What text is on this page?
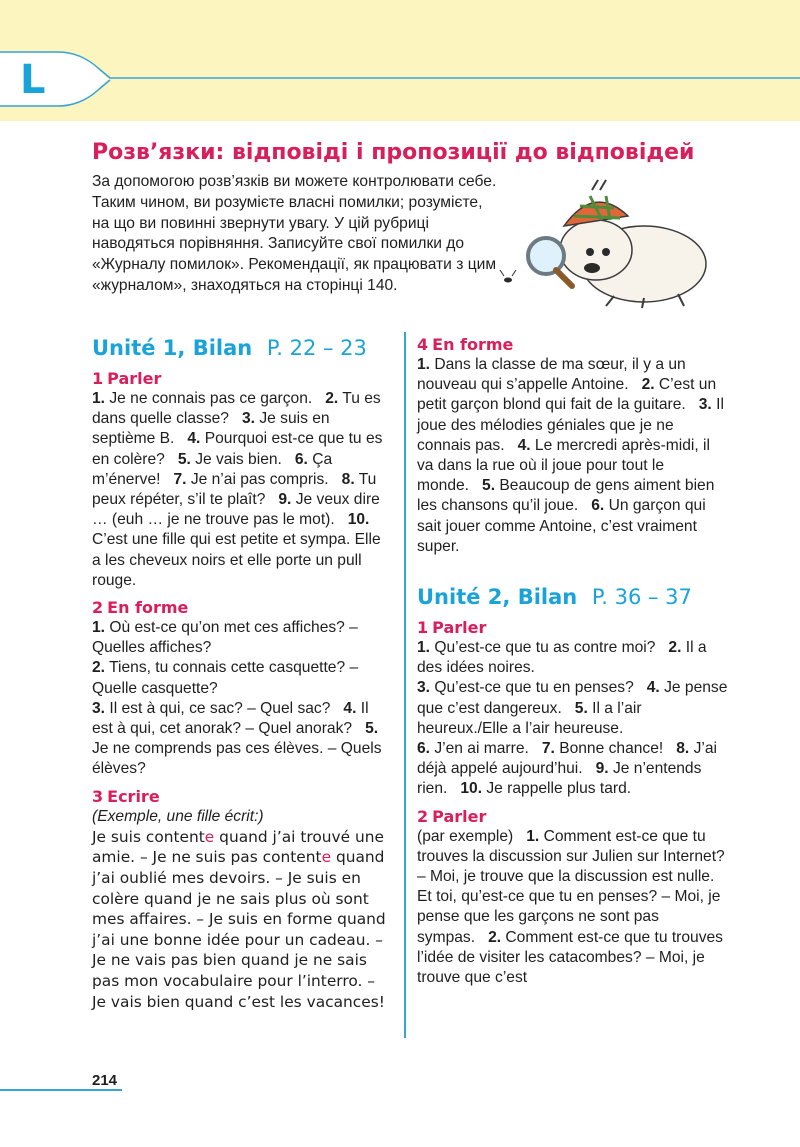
L
Розв’язки: відповіді і пропозиції до відповідей

За допомогою розв’язків ви можете контролювати себе. Таким чином, ви розумієте власні помилки; розумієте, на що ви повинні звернути увагу. У цій рубриці наводяться порівняння. Записуйте свої помилки до «Журналу помилок». Рекомендації, як працювати з цим «журналом», знаходяться на сторінці 140.

Unité 1, Bilan P. 22 – 23
1 Parler

1. Je ne connais pas ce garçon. 2. Tu es dans quelle classe? 3. Je suis en septième B. 4. Pourquoi est-ce que tu es en colère? 5. Je vais bien. 6. Ça m’énerve! 7. Je n’ai pas compris. 8. Tu peux répéter, s’il te plaît? 9. Je veux dire … (euh … je ne trouve pas le mot). 10. C’est une fille qui est petite et sympa. Elle a les cheveux noirs et elle porte un pull rouge.

2 En forme

1. Où est-ce qu’on met ces affiches? – Quelles affiches?
2. Tiens, tu connais cette casquette? – Quelle casquette?
3. Il est à qui, ce sac? – Quel sac? 4. Il est à qui, cet anorak? – Quel anorak? 5. Je ne comprends pas ces élèves. – Quels élèves?

3 Ecrire

(Exemple, une fille écrit:)

Je suis contente quand j’ai trouvé une amie. – Je ne suis pas contente quand j’ai oublié mes devoirs. – Je suis en colère quand je ne sais plus où sont mes affaires. – Je suis en forme quand j’ai une bonne idée pour un cadeau. – Je ne vais pas bien quand je ne sais pas mon vocabulaire pour l’interro. – Je vais bien quand c’est les vacances!

4 En forme

1. Dans la classe de ma sœur, il y a un nouveau qui s’appelle Antoine. 2. C’est un petit garçon blond qui fait de la guitare. 3. Il joue des mélodies géniales que je ne connais pas. 4. Le mercredi après-midi, il va dans la rue où il joue pour tout le monde. 5. Beaucoup de gens aiment bien les chansons qu’il joue. 6. Un garçon qui sait jouer comme Antoine, c’est vraiment super.

Unité 2, Bilan P. 36 – 37
1 Parler

1. Qu’est-ce que tu as contre moi? 2. Il a des idées noires.
3. Qu’est-ce que tu en penses? 4. Je pense que c’est dangereux. 5. Il a l’air heureux./Elle a l’air heureuse.
6. J’en ai marre. 7. Bonne chance! 8. J’ai déjà appelé aujourd’hui. 9. Je n’entends rien. 10. Je rappelle plus tard.

2 Parler

(par exemple) 1. Comment est-ce que tu trouves la discussion sur Julien sur Internet? – Moi, je trouve que la discussion est nulle. Et toi, qu’est-ce que tu en penses? – Moi, je pense que les garçons ne sont pas sympas. 2. Comment est-ce que tu trouves l’idée de visiter les catacombes? – Moi, je trouve que c’est

214
